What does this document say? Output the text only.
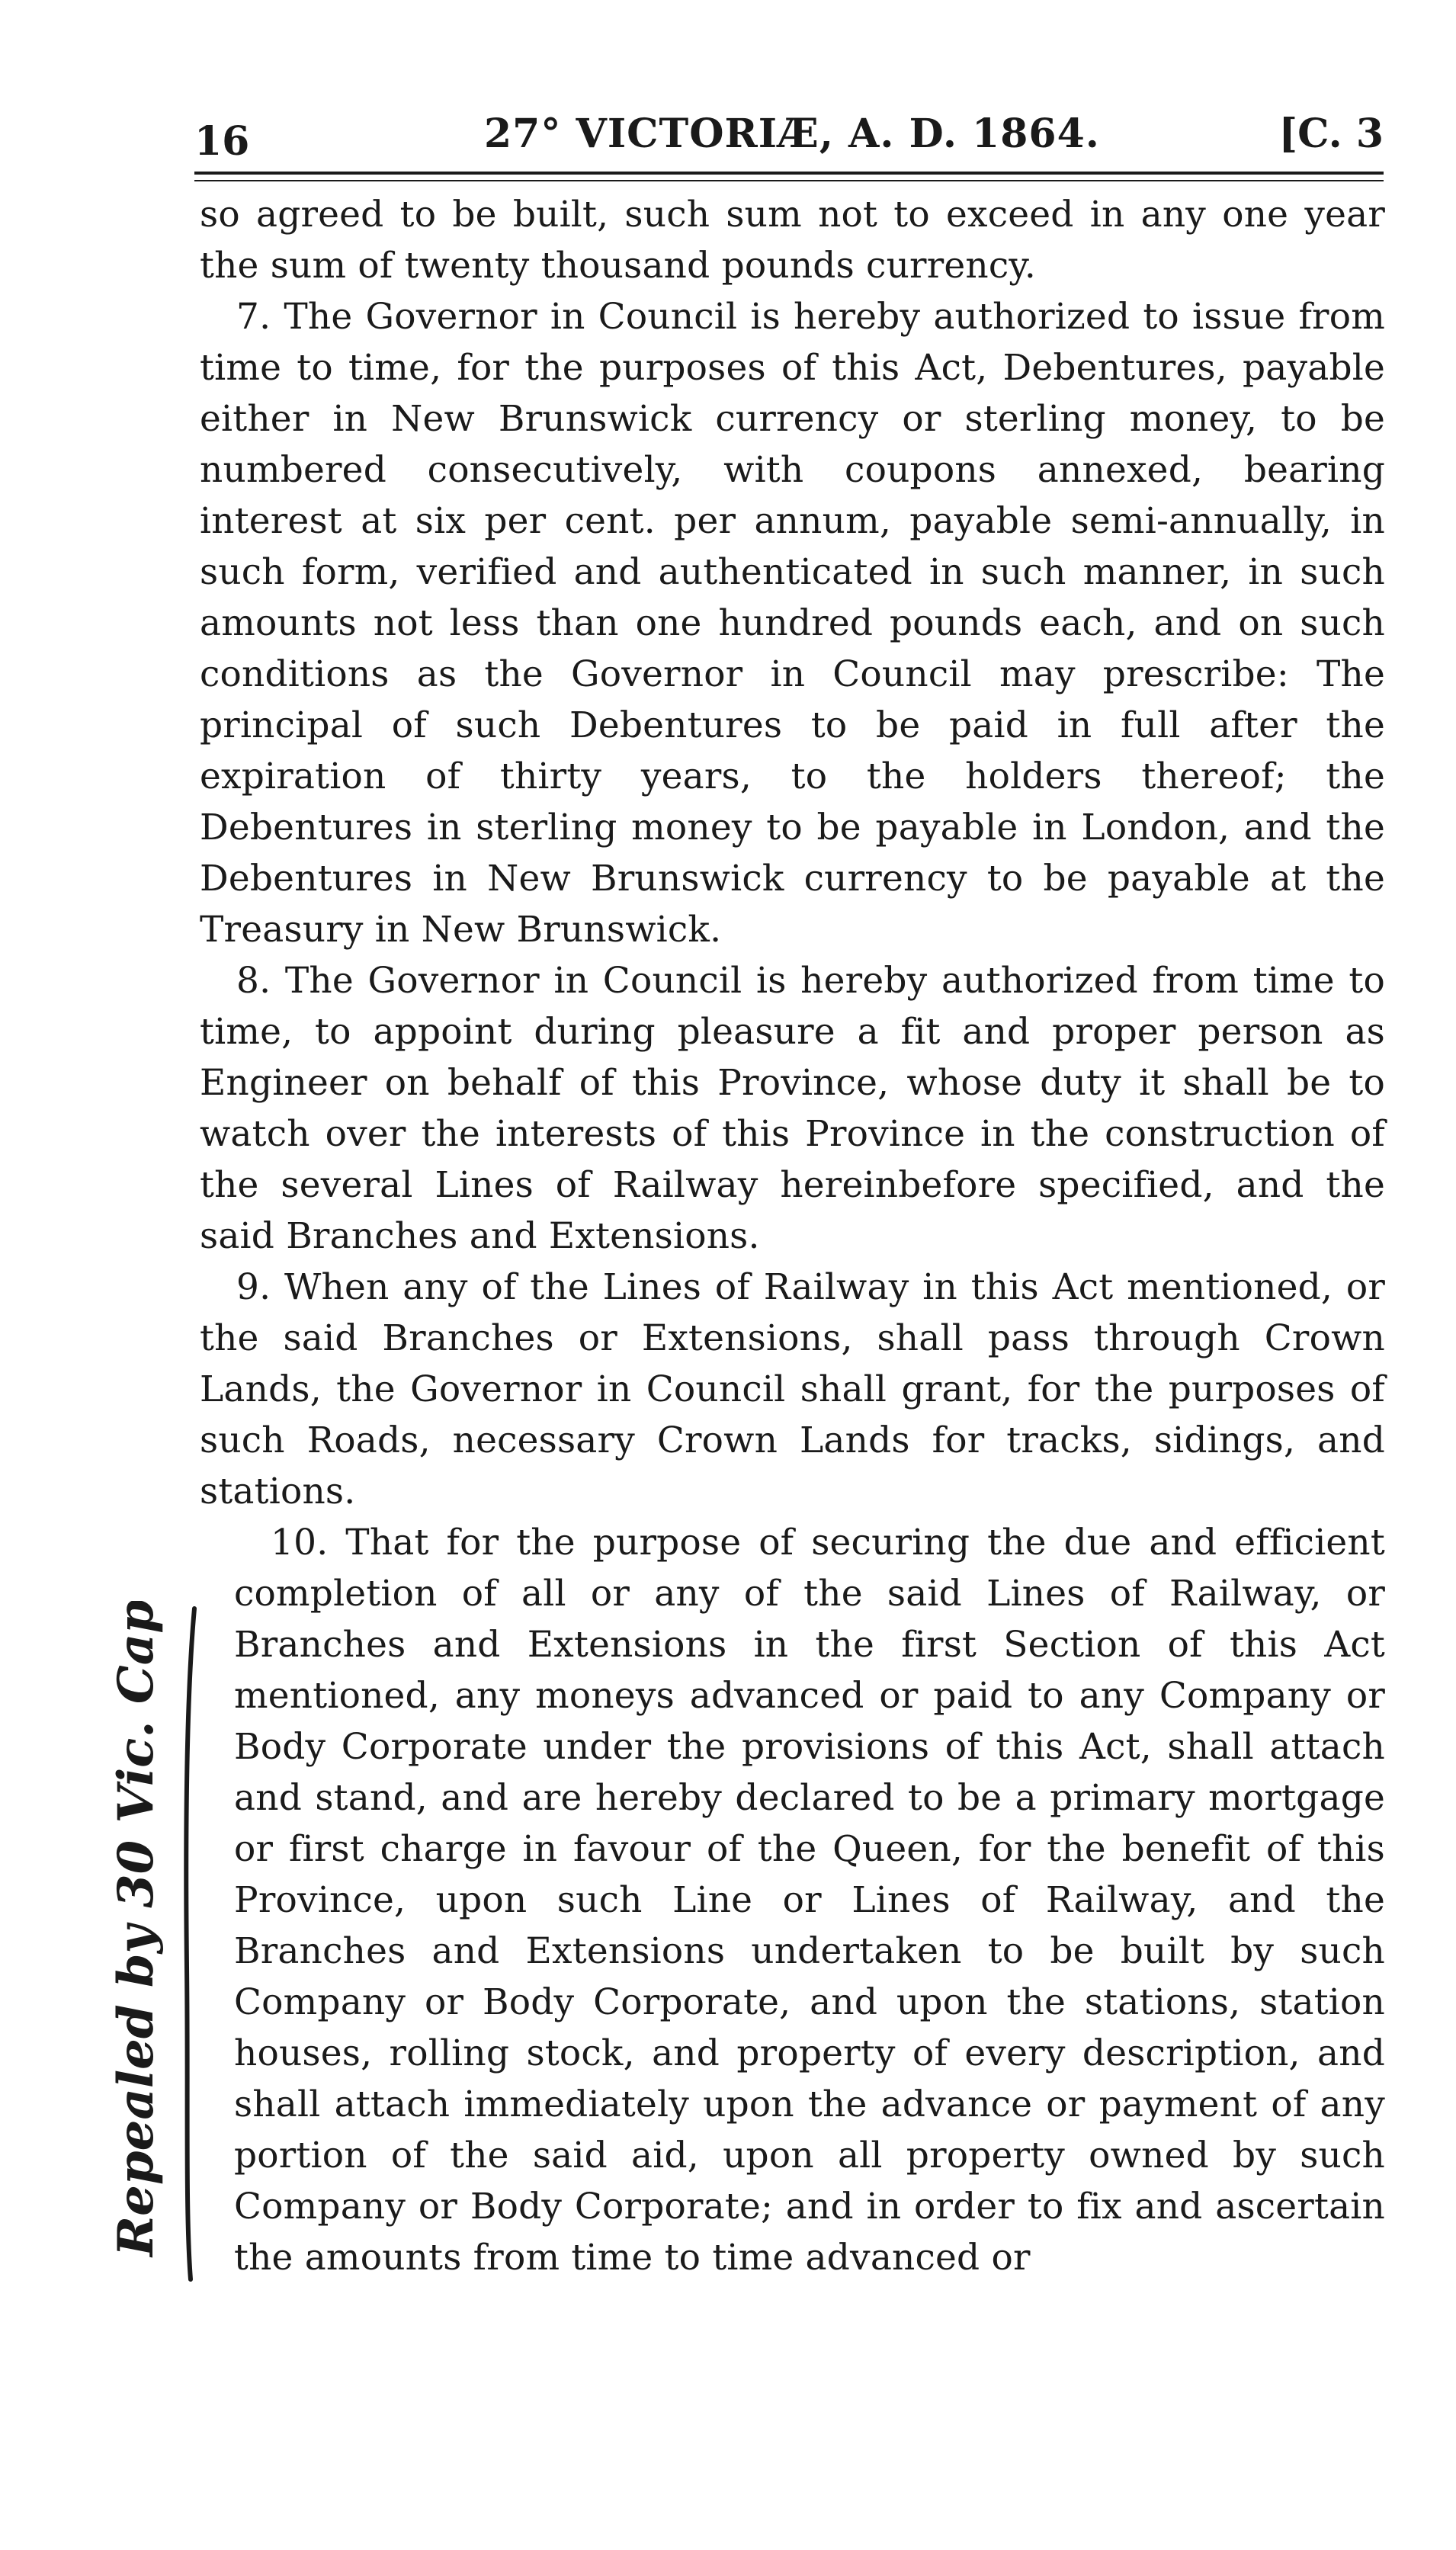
16	27° VICTORIÆ, A. D. 1864.	[C. 3

so agreed to be built, such sum not to exceed in any one year the sum of twenty thousand pounds currency.

7. The Governor in Council is hereby authorized to issue from time to time, for the purposes of this Act, Debentures, payable either in New Brunswick currency or sterling money, to be numbered consecutively, with coupons annexed, bearing interest at six per cent. per annum, payable semi-annually, in such form, verified and authenticated in such manner, in such amounts not less than one hundred pounds each, and on such conditions as the Governor in Council may prescribe: The principal of such Debentures to be paid in full after the expiration of thirty years, to the holders thereof; the Debentures in sterling money to be payable in London, and the Debentures in New Brunswick currency to be payable at the Treasury in New Brunswick.

8. The Governor in Council is hereby authorized from time to time, to appoint during pleasure a fit and proper person as Engineer on behalf of this Province, whose duty it shall be to watch over the interests of this Province in the construction of the several Lines of Railway hereinbefore specified, and the said Branches and Extensions.

9. When any of the Lines of Railway in this Act mentioned, or the said Branches or Extensions, shall pass through Crown Lands, the Governor in Council shall grant, for the purposes of such Roads, necessary Crown Lands for tracks, sidings, and stations.

10. That for the purpose of securing the due and efficient completion of all or any of the said Lines of Railway, or Branches and Extensions in the first Section of this Act mentioned, any moneys advanced or paid to any Company or Body Corporate under the provisions of this Act, shall attach and stand, and are hereby declared to be a primary mortgage or first charge in favour of the Queen, for the benefit of this Province, upon such Line or Lines of Railway, and the Branches and Extensions undertaken to be built by such Company or Body Corporate, and upon the stations, station houses, rolling stock, and property of every description, and shall attach immediately upon the advance or payment of any portion of the said aid, upon all property owned by such Company or Body Corporate; and in order to fix and ascertain the amounts from time to time advanced or

Repealed by 30 Vic. Cap. 12
